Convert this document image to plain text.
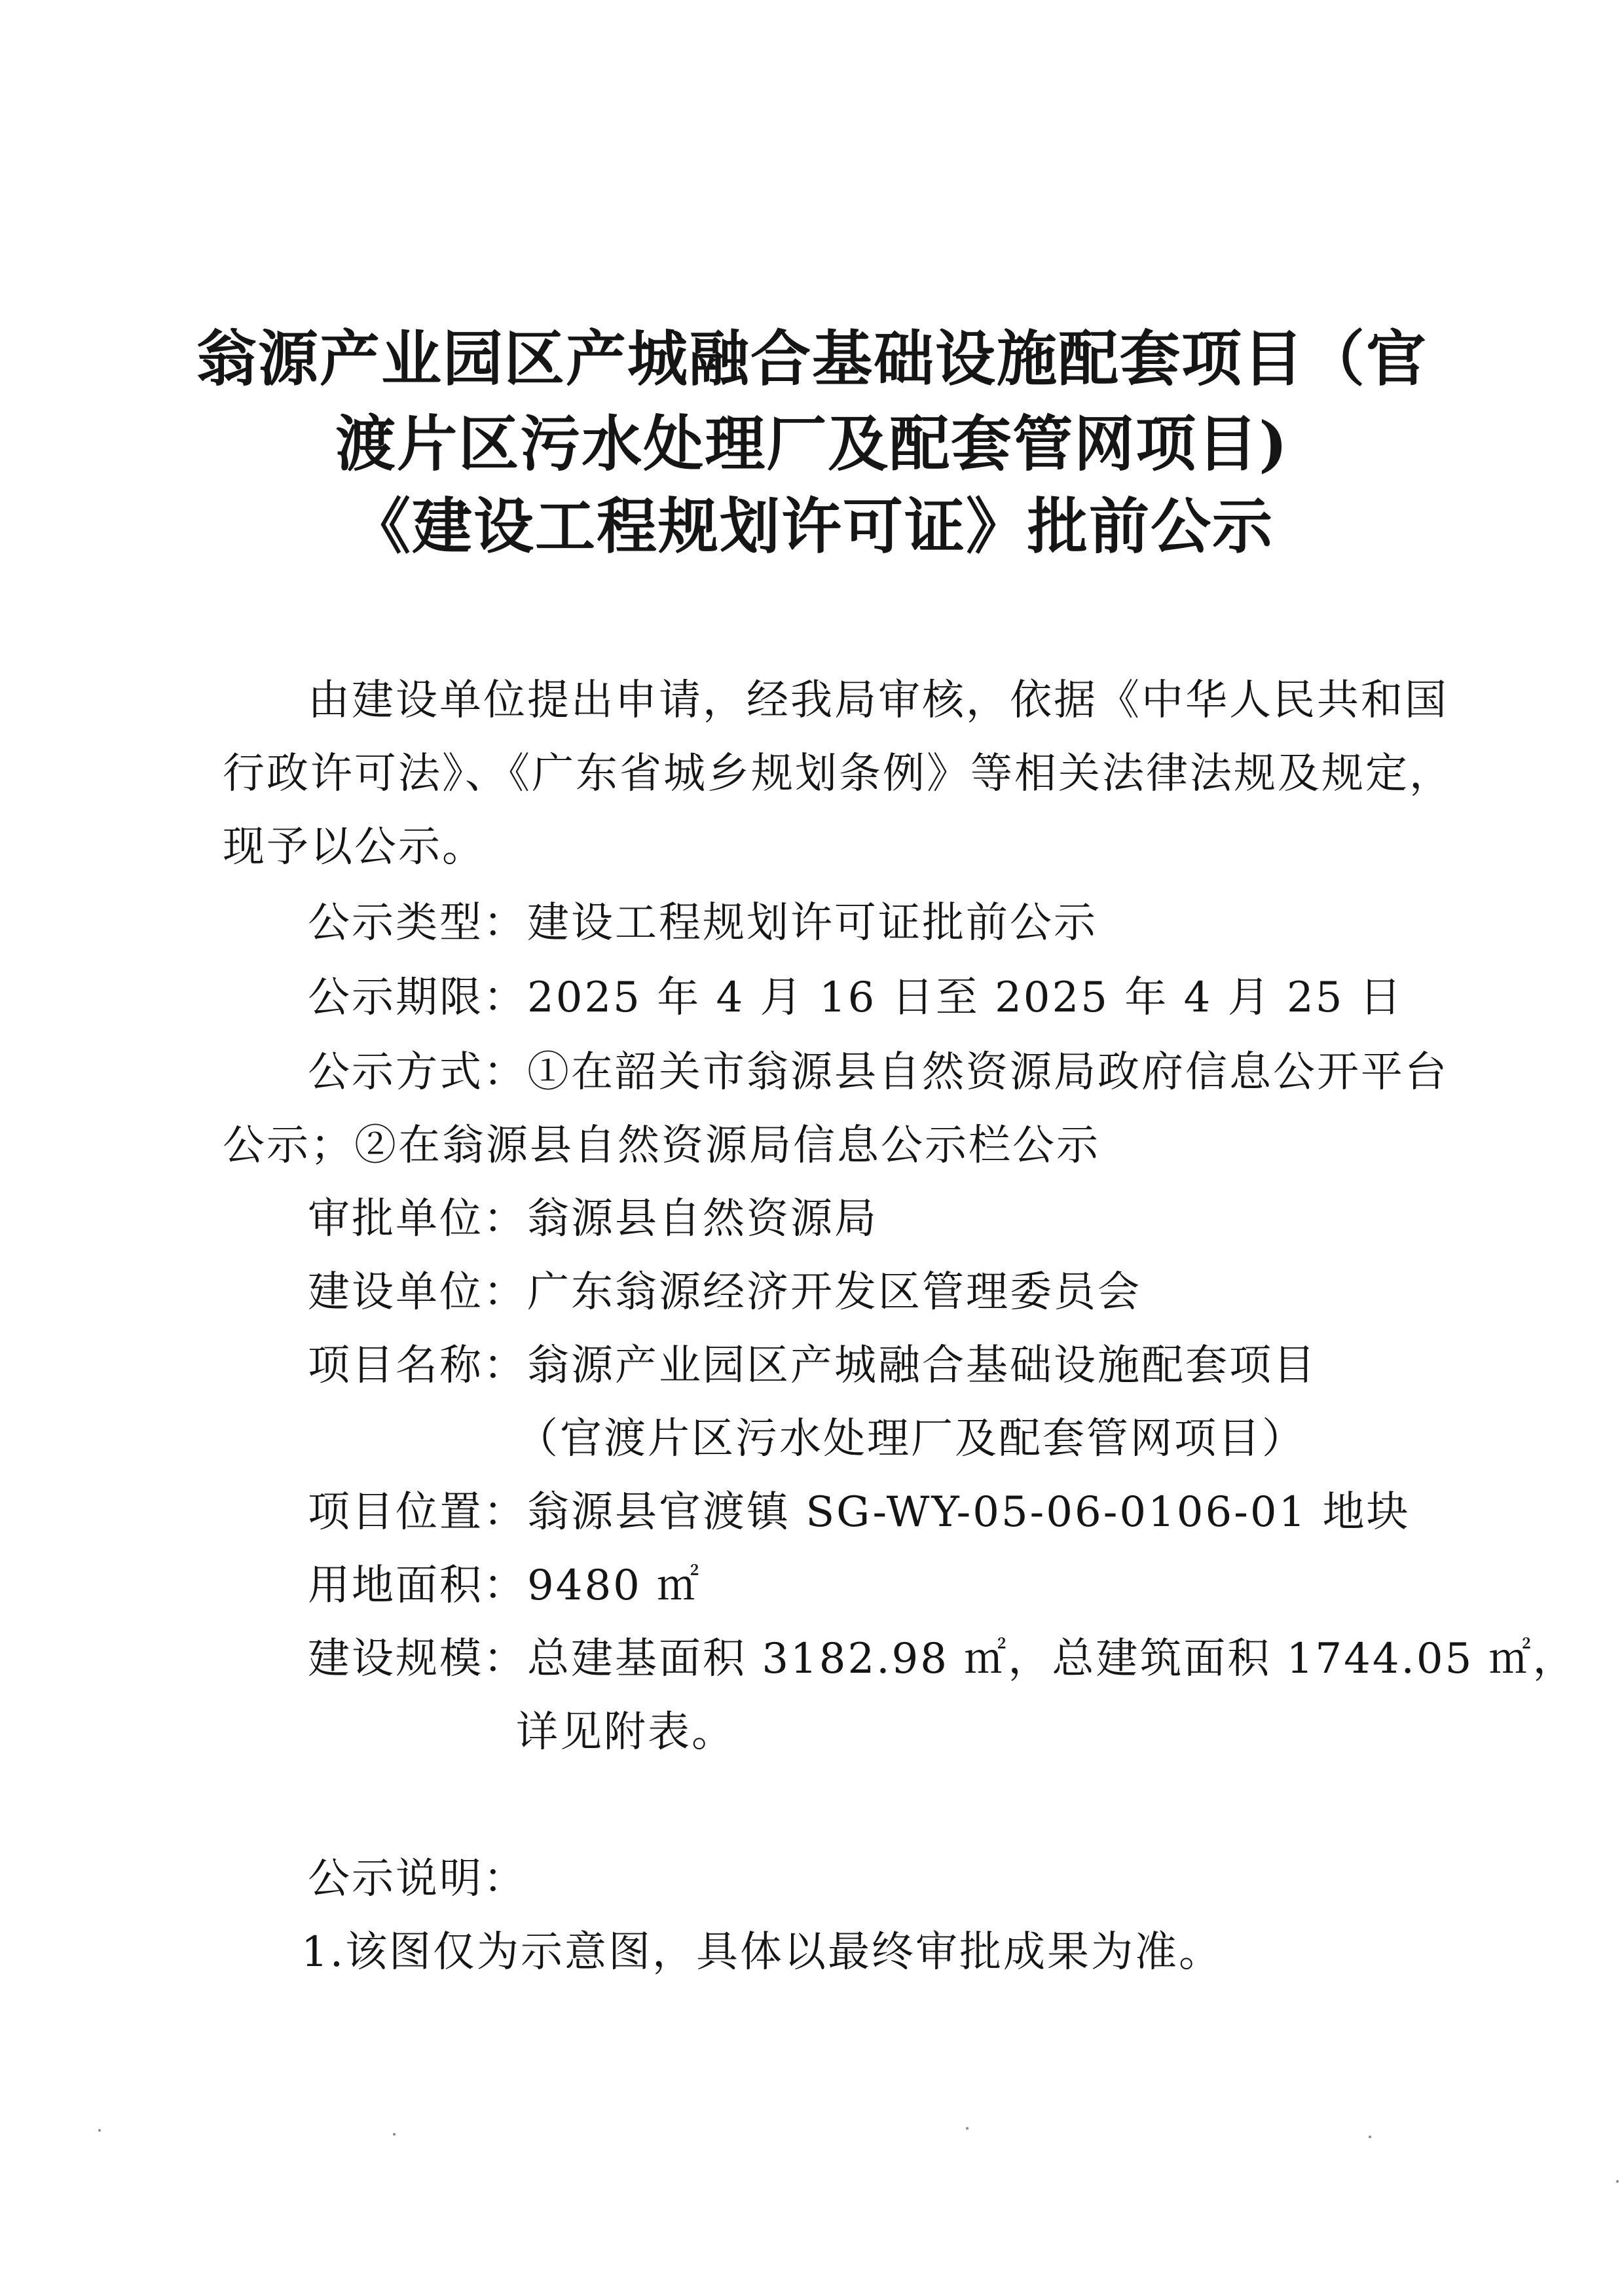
翁源产业园区产城融合基础设施配套项目（官
渡片区污水处理厂及配套管网项目)
《建设工程规划许可证》批前公示
由建设单位提出申请，经我局审核，依据《中华人民共和国
行政许可法》、《广东省城乡规划条例》等相关法律法规及规定，
现予以公示。
公示类型：建设工程规划许可证批前公示
公示期限：2025 年 4 月 16 日至 2025 年 4 月 25 日
公示方式：①在韶关市翁源县自然资源局政府信息公开平台
公示；②在翁源县自然资源局信息公示栏公示
审批单位：翁源县自然资源局
建设单位：广东翁源经济开发区管理委员会
项目名称：翁源产业园区产城融合基础设施配套项目
（官渡片区污水处理厂及配套管网项目）
项目位置：翁源县官渡镇 SG-WY-05-06-0106-01 地块
用地面积：9480 ㎡
建设规模：总建基面积 3182.98 ㎡，总建筑面积 1744.05 ㎡，
详见附表。
公示说明：
1.该图仅为示意图，具体以最终审批成果为准。
